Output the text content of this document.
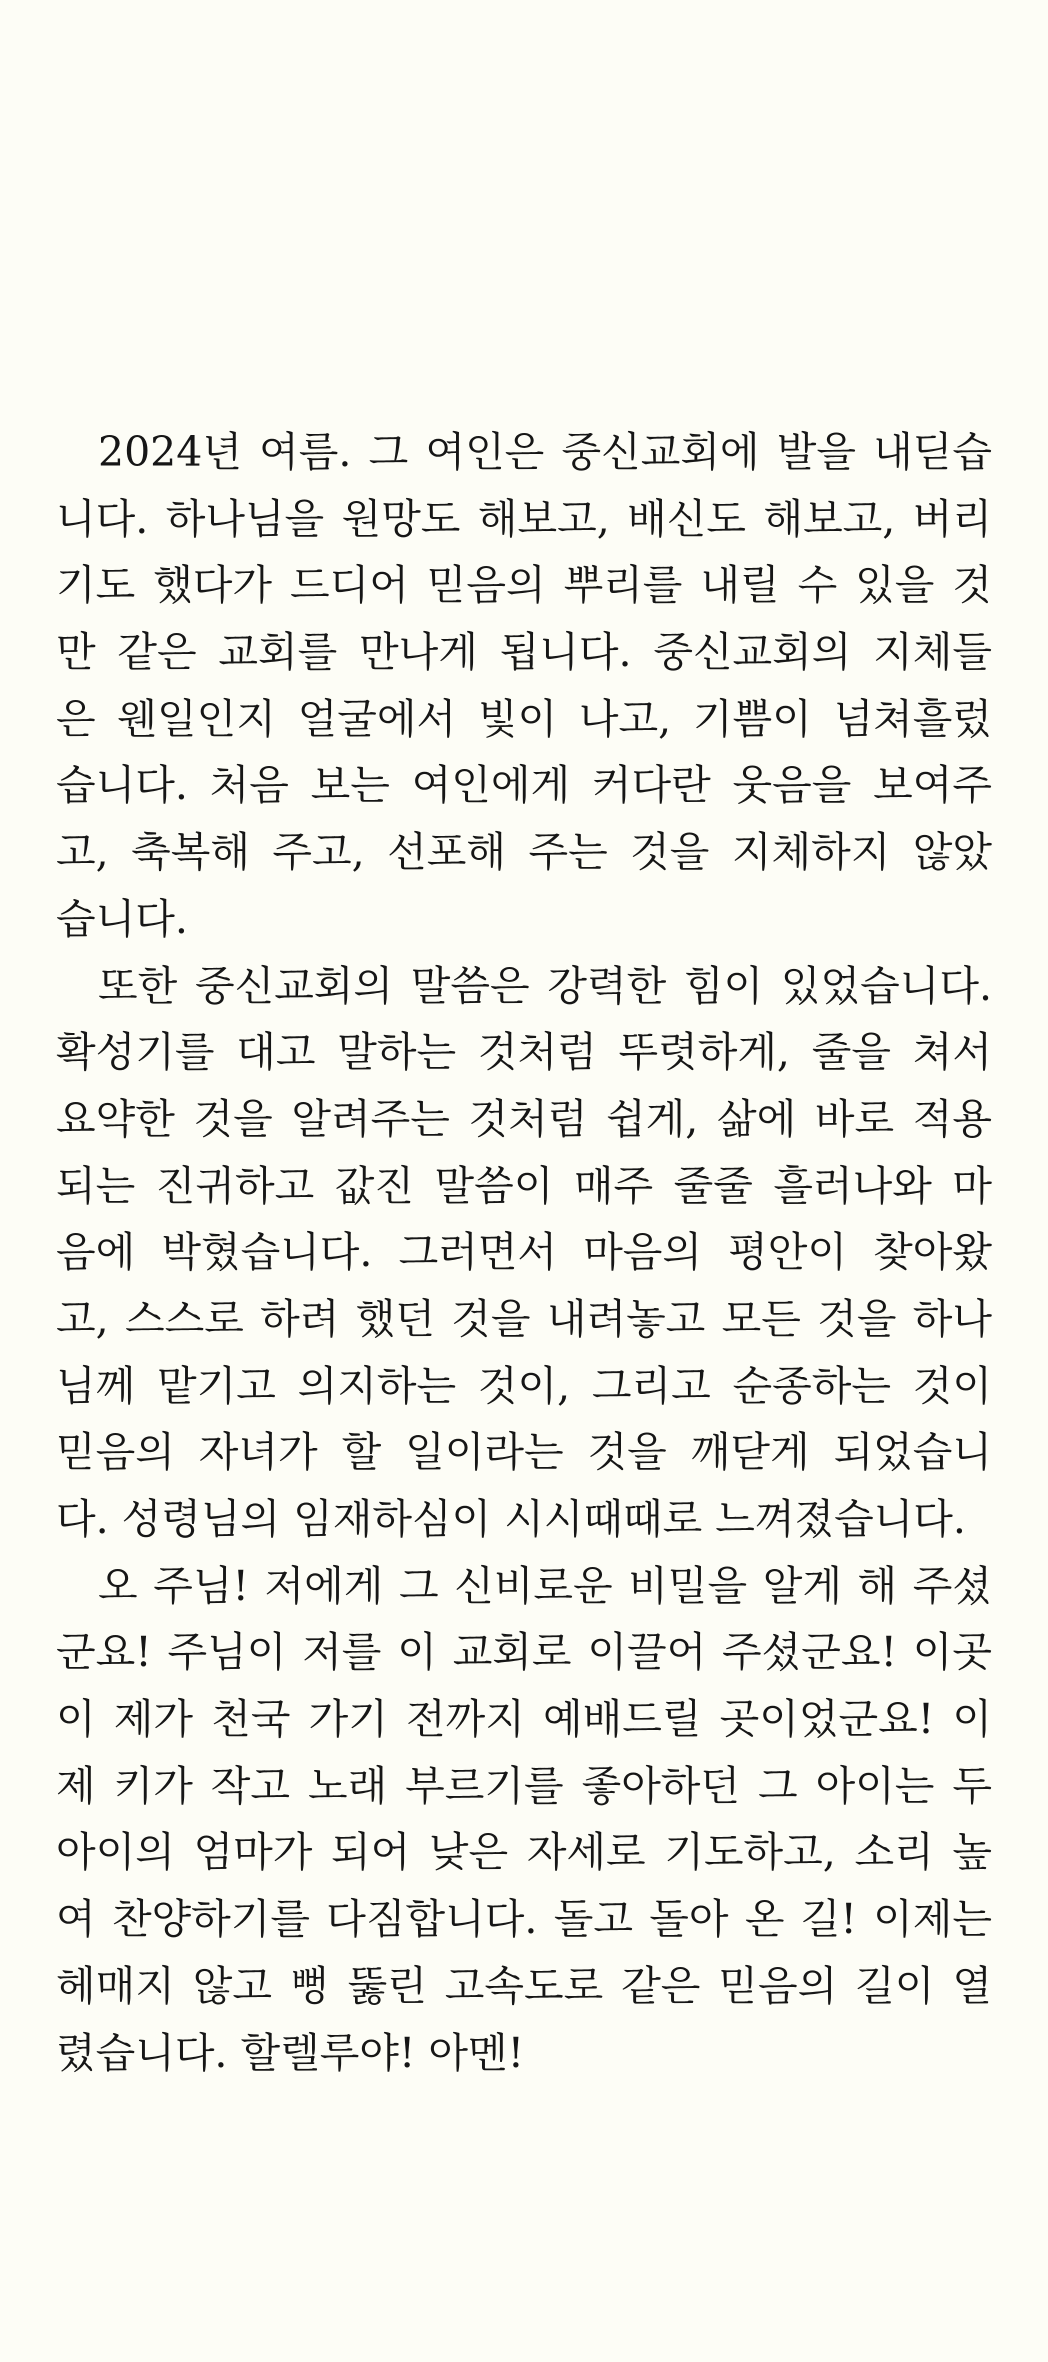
2024년 여름. 그 여인은 중신교회에 발을 내딛습
니다. 하나님을 원망도 해보고, 배신도 해보고, 버리
기도 했다가 드디어 믿음의 뿌리를 내릴 수 있을 것
만 같은 교회를 만나게 됩니다. 중신교회의 지체들
은 웬일인지 얼굴에서 빛이 나고, 기쁨이 넘쳐흘렀
습니다. 처음 보는 여인에게 커다란 웃음을 보여주
고, 축복해 주고, 선포해 주는 것을 지체하지 않았
습니다.
또한 중신교회의 말씀은 강력한 힘이 있었습니다.
확성기를 대고 말하는 것처럼 뚜렷하게, 줄을 쳐서
요약한 것을 알려주는 것처럼 쉽게, 삶에 바로 적용
되는 진귀하고 값진 말씀이 매주 줄줄 흘러나와 마
음에 박혔습니다. 그러면서 마음의 평안이 찾아왔
고, 스스로 하려 했던 것을 내려놓고 모든 것을 하나
님께 맡기고 의지하는 것이, 그리고 순종하는 것이
믿음의 자녀가 할 일이라는 것을 깨닫게 되었습니
다. 성령님의 임재하심이 시시때때로 느껴졌습니다.
오 주님! 저에게 그 신비로운 비밀을 알게 해 주셨
군요! 주님이 저를 이 교회로 이끌어 주셨군요! 이곳
이 제가 천국 가기 전까지 예배드릴 곳이었군요! 이
제 키가 작고 노래 부르기를 좋아하던 그 아이는 두
아이의 엄마가 되어 낮은 자세로 기도하고, 소리 높
여 찬양하기를 다짐합니다. 돌고 돌아 온 길! 이제는
헤매지 않고 뻥 뚫린 고속도로 같은 믿음의 길이 열
렸습니다. 할렐루야! 아멘!
